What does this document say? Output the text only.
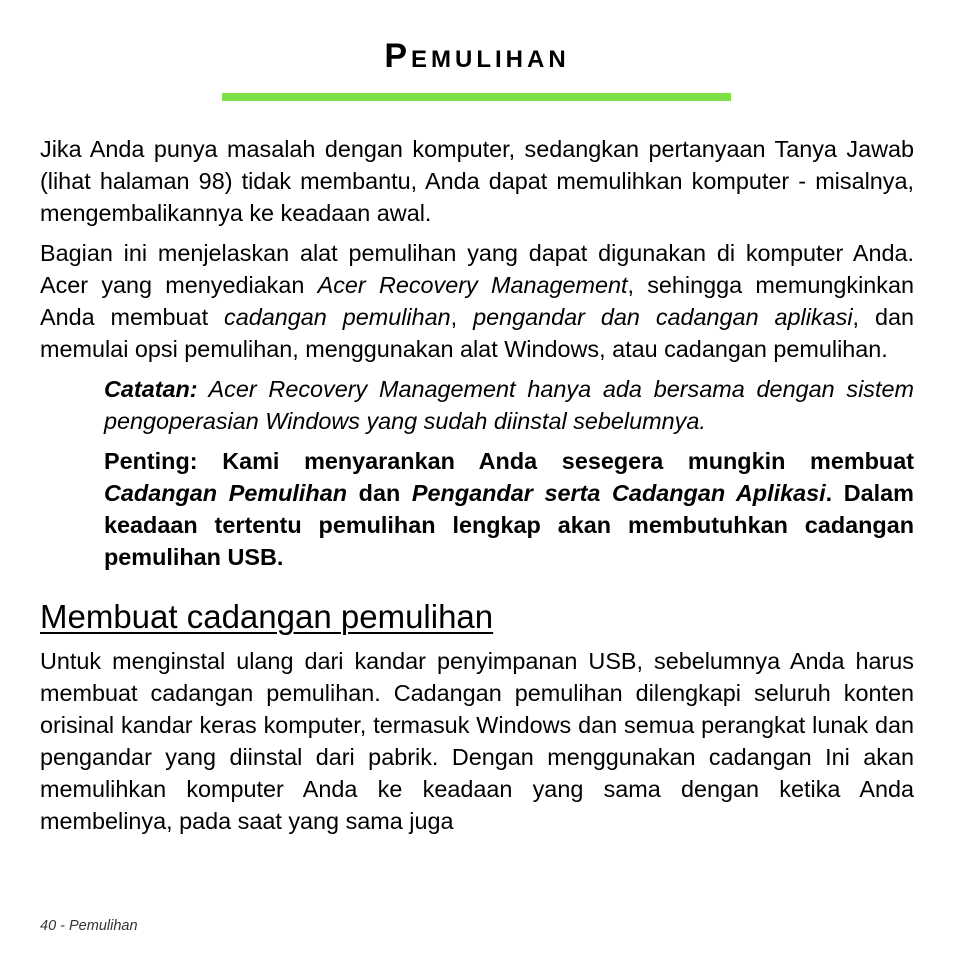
Pemulihan

Jika Anda punya masalah dengan komputer, sedangkan pertanyaan Tanya Jawab (lihat halaman 98) tidak membantu, Anda dapat memulihkan komputer - misalnya, mengembalikannya ke keadaan awal.

Bagian ini menjelaskan alat pemulihan yang dapat digunakan di komputer Anda. Acer yang menyediakan Acer Recovery Management, sehingga memungkinkan Anda membuat cadangan pemulihan, pengandar dan cadangan aplikasi, dan memulai opsi pemulihan, menggunakan alat Windows, atau cadangan pemulihan.

Catatan: Acer Recovery Management hanya ada bersama dengan sistem pengoperasian Windows yang sudah diinstal sebelumnya.

Penting: Kami menyarankan Anda sesegera mungkin membuat Cadangan Pemulihan dan Pengandar serta Cadangan Aplikasi. Dalam keadaan tertentu pemulihan lengkap akan membutuhkan cadangan pemulihan USB.

Membuat cadangan pemulihan

Untuk menginstal ulang dari kandar penyimpanan USB, sebelumnya Anda harus membuat cadangan pemulihan. Cadangan pemulihan dilengkapi seluruh konten orisinal kandar keras komputer, termasuk Windows dan semua perangkat lunak dan pengandar yang diinstal dari pabrik. Dengan menggunakan cadangan Ini akan memulihkan komputer Anda ke keadaan yang sama dengan ketika Anda membelinya, pada saat yang sama juga

40 - Pemulihan
